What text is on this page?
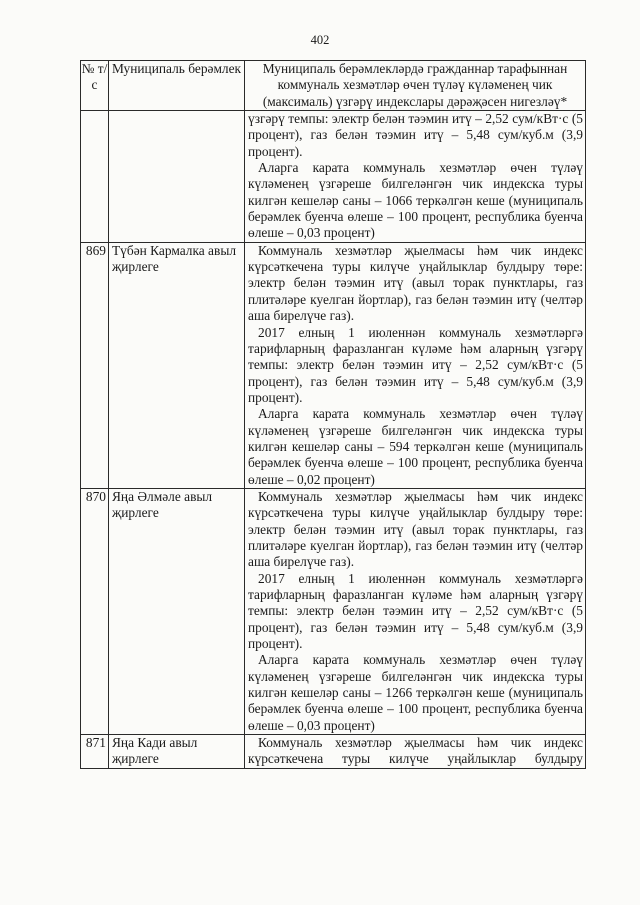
402
№ т/с	Муниципаль берәмлек	Муниципаль берәмлекләрдә гражданнар тарафыннан коммуналь хезмәтләр өчен түләү күләменең чик (максималь) үзгәрү индекслары дәрәҗәсен нигезләү*

		үзгәрү темпы: электр белән тәэмин итү – 2,52 сум/кВт·с (5 процент), газ белән тәэмин итү – 5,48 сум/куб.м (3,9 процент).
Аларга карата коммуналь хезмәтләр өчен түләү күләменең үзгәреше билгеләнгән чик индекска туры килгән кешеләр саны – 1066 теркәлгән кеше (муниципаль берәмлек буенча өлеше – 100 процент, республика буенча өлеше – 0,03 процент)

869	Түбән Кармалка авыл җирлеге	Коммуналь хезмәтләр җыелмасы һәм чик индекс күрсәткечена туры килүче уңайлыклар булдыру төре: электр белән тәэмин итү (авыл торак пунктлары, газ плитәләре куелган йортлар), газ белән тәэмин итү (челтәр аша бирелүче газ).
2017 елның 1 июленнән коммуналь хезмәтләргә тарифларның фаразланган күләме һәм аларның үзгәрү темпы: электр белән тәэмин итү – 2,52 сум/кВт·с (5 процент), газ белән тәэмин итү – 5,48 сум/куб.м (3,9 процент).
Аларга карата коммуналь хезмәтләр өчен түләү күләменең үзгәреше билгеләнгән чик индекска туры килгән кешеләр саны – 594 теркәлгән кеше (муниципаль берәмлек буенча өлеше – 100 процент, республика буенча өлеше – 0,02 процент)

870	Яңа Әлмәле авыл җирлеге	Коммуналь хезмәтләр җыелмасы һәм чик индекс күрсәткечена туры килүче уңайлыклар булдыру төре: электр белән тәэмин итү (авыл торак пунктлары, газ плитәләре куелган йортлар), газ белән тәэмин итү (челтәр аша бирелүче газ).
2017 елның 1 июленнән коммуналь хезмәтләргә тарифларның фаразланган күләме һәм аларның үзгәрү темпы: электр белән тәэмин итү – 2,52 сум/кВт·с (5 процент), газ белән тәэмин итү – 5,48 сум/куб.м (3,9 процент).
Аларга карата коммуналь хезмәтләр өчен түләү күләменең үзгәреше билгеләнгән чик индекска туры килгән кешеләр саны – 1266 теркәлгән кеше (муниципаль берәмлек буенча өлеше – 100 процент, республика буенча өлеше – 0,03 процент)

871	Яңа Кади авыл җирлеге	Коммуналь хезмәтләр җыелмасы һәм чик индекс күрсәткечена туры килүче уңайлыклар булдыру
